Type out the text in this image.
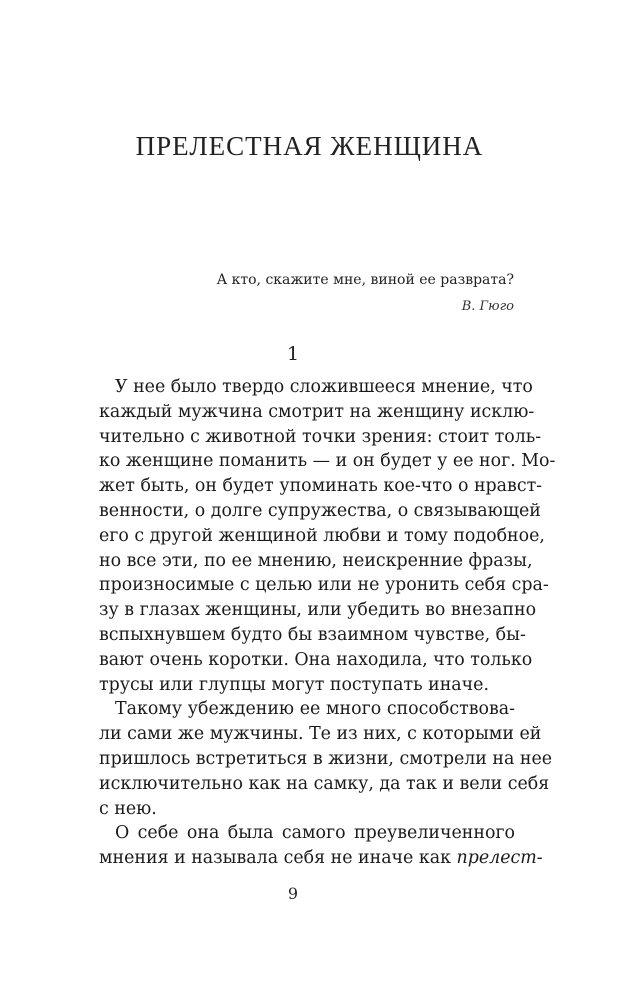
ПРЕЛЕСТНАЯ ЖЕНЩИНА
А кто, скажите мне, виной ее разврата?
В. Гюго
1
У нее было твердо сложившееся мнение, что
каждый мужчина смотрит на женщину исклю-
чительно с животной точки зрения: стоит толь-
ко женщине поманить — и он будет у ее ног. Мо-
жет быть, он будет упоминать кое-что о нравст-
венности, о долге супружества, о связывающей
его с другой женщиной любви и тому подобное,
но все эти, по ее мнению, неискренние фразы,
произносимые с целью или не уронить себя сра-
зу в глазах женщины, или убедить во внезапно
вспыхнувшем будто бы взаимном чувстве, бы-
вают очень коротки. Она находила, что только
трусы или глупцы могут поступать иначе.
Такому убеждению ее много способствова-
ли сами же мужчины. Те из них, с которыми ей
пришлось встретиться в жизни, смотрели на нее
исключительно как на самку, да так и вели себя
с нею.
О себе она была самого преувеличенного
мнения и называла себя не иначе как прелест-
9
